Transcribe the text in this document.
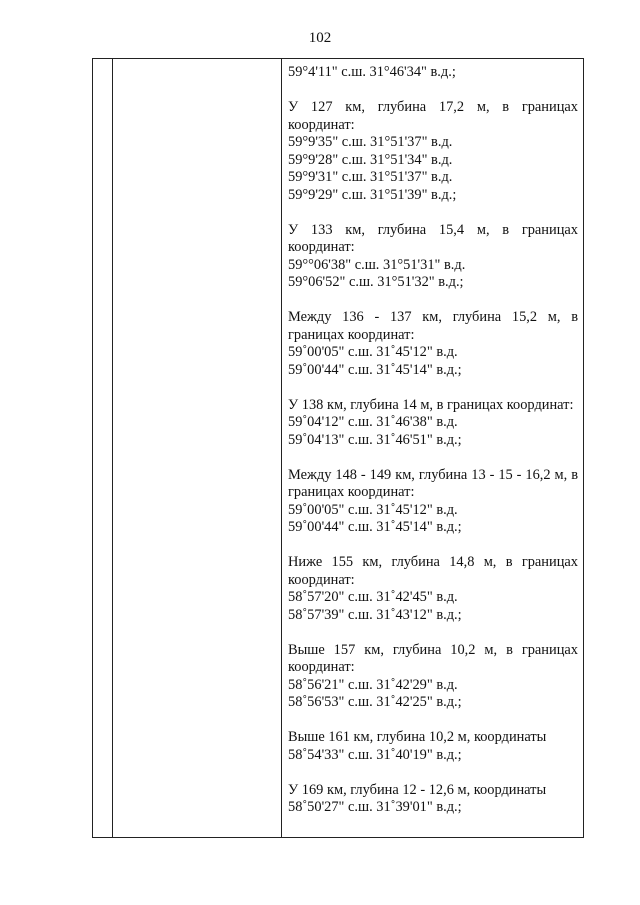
102
59°4'11" с.ш. 31°46'34" в.д.;
У 127 км, глубина 17,2 м, в границах координат:
59°9'35" с.ш. 31°51'37" в.д.
59°9'28" с.ш. 31°51'34" в.д.
59°9'31" с.ш. 31°51'37" в.д.
59°9'29" с.ш. 31°51'39" в.д.;
У 133 км, глубина 15,4 м, в границах координат:
59°°06'38" с.ш. 31°51'31" в.д.
59°06'52" с.ш. 31°51'32" в.д.;
Между 136 - 137 км, глубина 15,2 м, в границах координат:
59˚00'05" с.ш. 31˚45'12" в.д.
59˚00'44" с.ш. 31˚45'14" в.д.;
У 138 км, глубина 14 м, в границах координат:
59˚04'12" с.ш. 31˚46'38" в.д.
59˚04'13" с.ш. 31˚46'51" в.д.;
Между 148 - 149 км, глубина 13 - 15 - 16,2 м, в границах координат:
59˚00'05" с.ш. 31˚45'12" в.д.
59˚00'44" с.ш. 31˚45'14" в.д.;
Ниже 155 км, глубина 14,8 м, в границах координат:
58˚57'20" с.ш. 31˚42'45" в.д.
58˚57'39" с.ш. 31˚43'12" в.д.;
Выше 157 км, глубина 10,2 м, в границах координат:
58˚56'21" с.ш. 31˚42'29" в.д.
58˚56'53" с.ш. 31˚42'25" в.д.;
Выше 161 км, глубина 10,2 м, координаты
58˚54'33" с.ш. 31˚40'19" в.д.;
У 169 км, глубина 12 - 12,6 м, координаты
58˚50'27" с.ш. 31˚39'01" в.д.;
